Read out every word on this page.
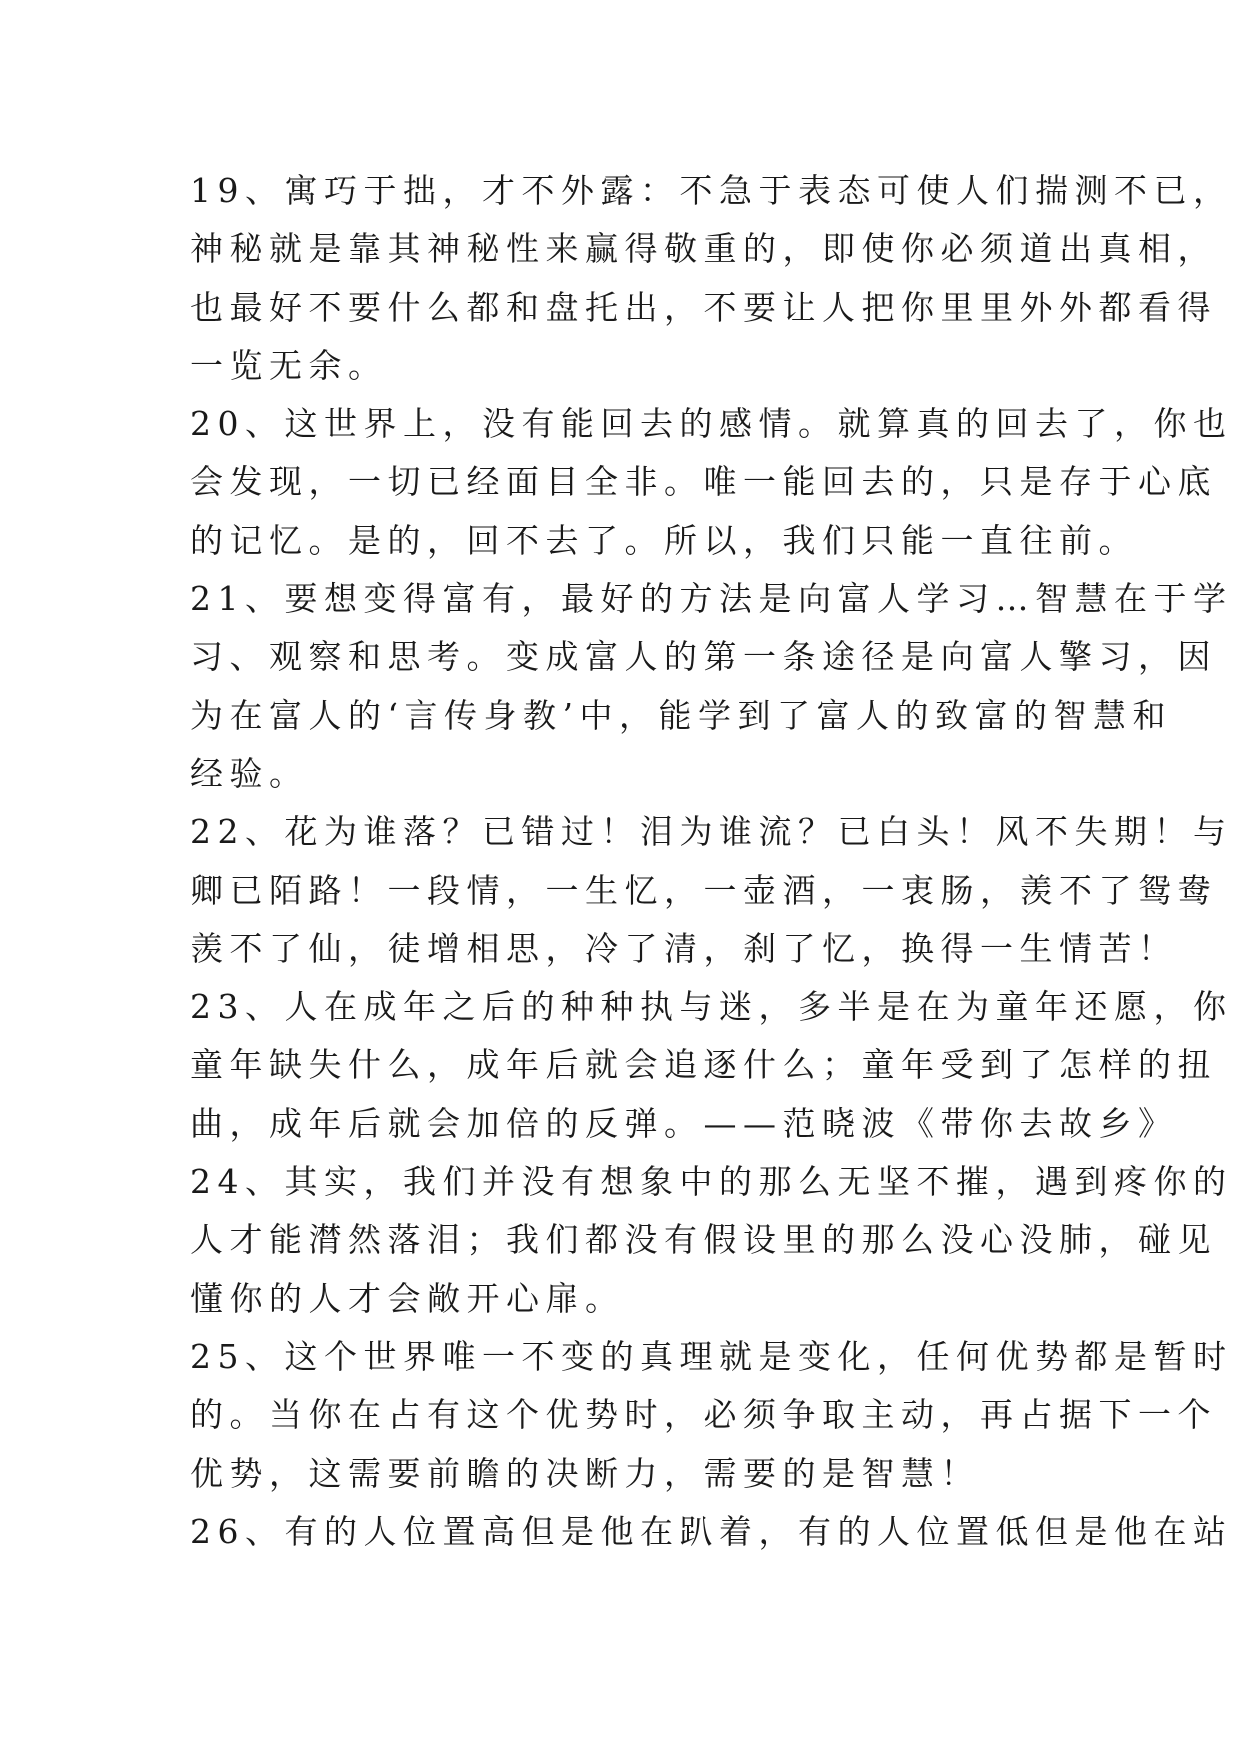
19、寓巧于拙，才不外露：不急于表态可使人们揣测不已，
神秘就是靠其神秘性来赢得敬重的，即使你必须道出真相，
也最好不要什么都和盘托出，不要让人把你里里外外都看得
一览无余。
20、这世界上，没有能回去的感情。就算真的回去了，你也
会发现，一切已经面目全非。唯一能回去的，只是存于心底
的记忆。是的，回不去了。所以，我们只能一直往前。
21、要想变得富有，最好的方法是向富人学习…智慧在于学
习、观察和思考。变成富人的第一条途径是向富人擎习，因
为在富人的‘言传身教’中，能学到了富人的致富的智慧和
经验。
22、花为谁落？已错过！泪为谁流？已白头！风不失期！与
卿已陌路！一段情，一生忆，一壶酒，一衷肠，羡不了鸳鸯
羡不了仙，徒增相思，冷了清，刹了忆，换得一生情苦！
23、人在成年之后的种种执与迷，多半是在为童年还愿，你
童年缺失什么，成年后就会追逐什么；童年受到了怎样的扭
曲，成年后就会加倍的反弹。——范晓波《带你去故乡》
24、其实，我们并没有想象中的那么无坚不摧，遇到疼你的
人才能潸然落泪；我们都没有假设里的那么没心没肺，碰见
懂你的人才会敞开心扉。
25、这个世界唯一不变的真理就是变化，任何优势都是暂时
的。当你在占有这个优势时，必须争取主动，再占据下一个
优势，这需要前瞻的决断力，需要的是智慧！
26、有的人位置高但是他在趴着，有的人位置低但是他在站
